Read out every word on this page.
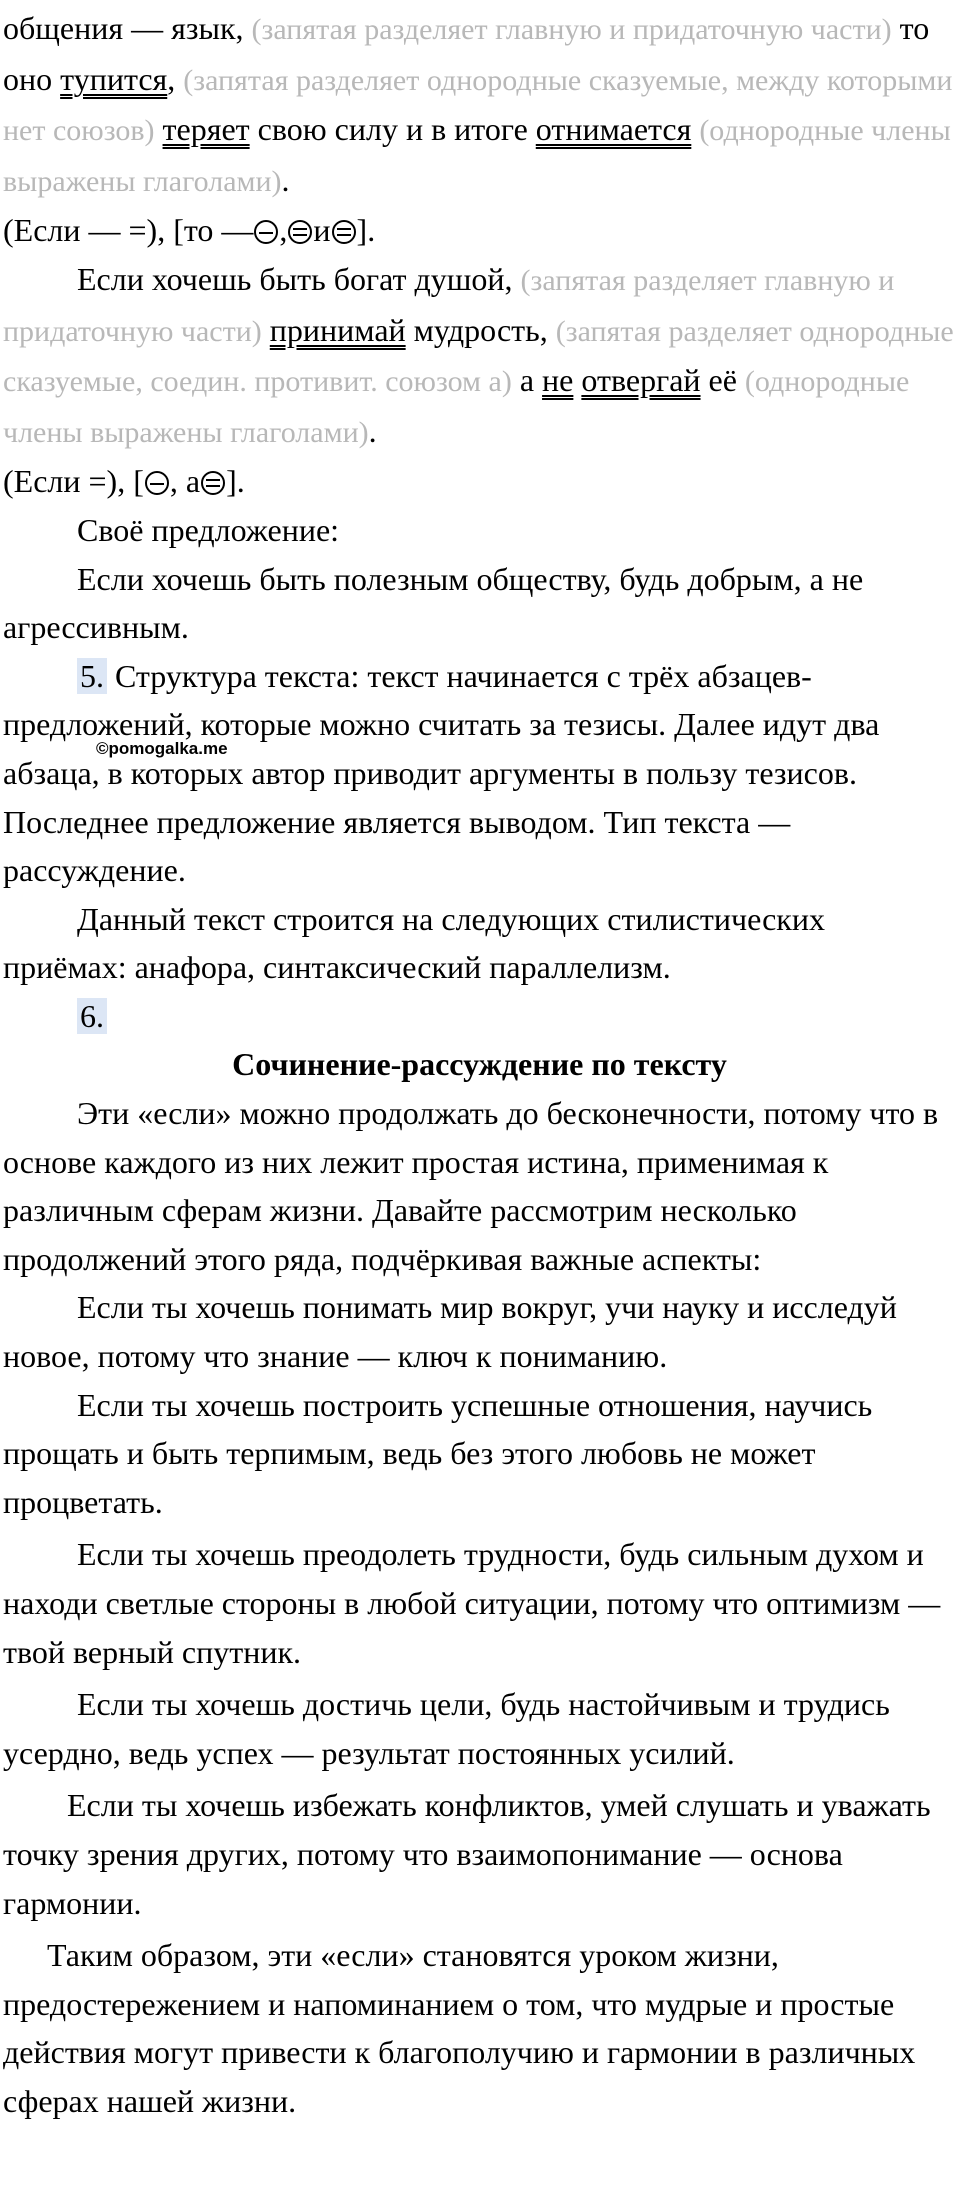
общения — язык, (запятая разделяет главную и придаточную части) то оно тупится, (запятая разделяет однородные сказуемые, между которыми нет союзов) теряет свою силу и в итоге отнимается (однородные члены выражены глаголами).

(Если — =), [то — , и ].

Если хочешь быть богат душой, (запятая разделяет главную и придаточную части) принимай мудрость, (запятая разделяет однородные сказуемые, соедин. противит. союзом а) а не отвергай её (однородные члены выражены глаголами).

(Если =), [ , а ].

Своё предложение:

Если хочешь быть полезным обществу, будь добрым, а не агрессивным.

5. Структура текста: текст начинается с трёх абзацев-предложений, которые можно считать за тезисы. Далее идут два абзаца, в которых автор приводит аргументы в пользу тезисов. Последнее предложение является выводом. Тип текста — рассуждение.

Данный текст строится на следующих стилистических приёмах: анафора, синтаксический параллелизм.

6.

Сочинение-рассуждение по тексту

Эти «если» можно продолжать до бесконечности, потому что в основе каждого из них лежит простая истина, применимая к различным сферам жизни. Давайте рассмотрим несколько продолжений этого ряда, подчёркивая важные аспекты:

Если ты хочешь понимать мир вокруг, учи науку и исследуй новое, потому что знание — ключ к пониманию.

Если ты хочешь построить успешные отношения, научись прощать и быть терпимым, ведь без этого любовь не может процветать.

Если ты хочешь преодолеть трудности, будь сильным духом и находи светлые стороны в любой ситуации, потому что оптимизм — твой верный спутник.

Если ты хочешь достичь цели, будь настойчивым и трудись усердно, ведь успех — результат постоянных усилий.

Если ты хочешь избежать конфликтов, умей слушать и уважать точку зрения других, потому что взаимопонимание — основа гармонии.

Таким образом, эти «если» становятся уроком жизни, предостережением и напоминанием о том, что мудрые и простые действия могут привести к благополучию и гармонии в различных сферах нашей жизни.

©pomogalka.me
